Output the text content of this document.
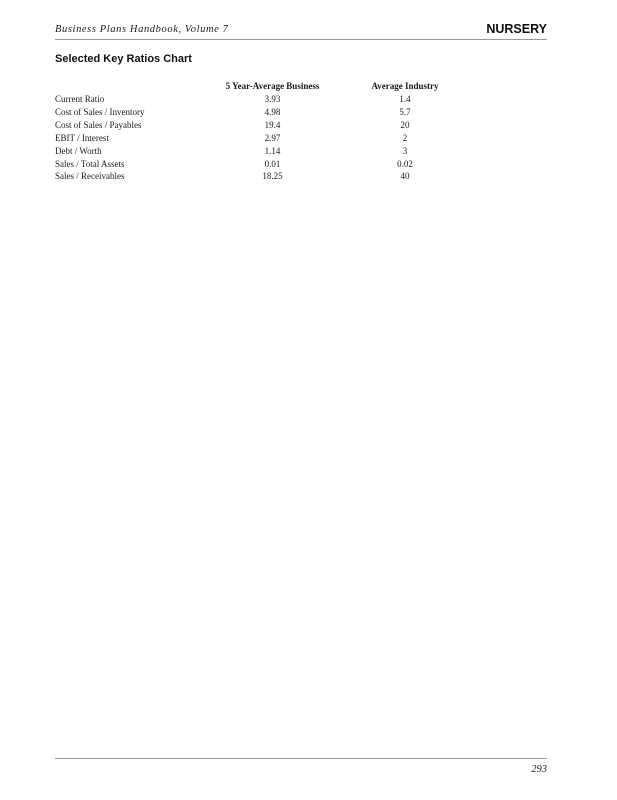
Business Plans Handbook, Volume 7	NURSERY
Selected Key Ratios Chart
	5 Year-Average Business		Average Industry
Current Ratio	3.93		1.4
Cost of Sales / Inventory	4.98		5.7
Cost of Sales / Payables	19.4		20
EBIT / Interest	2.97		2
Debt / Worth	1.14		3
Sales / Total Assets	0.01		0.02
Sales / Receivables	18.25		40
293
